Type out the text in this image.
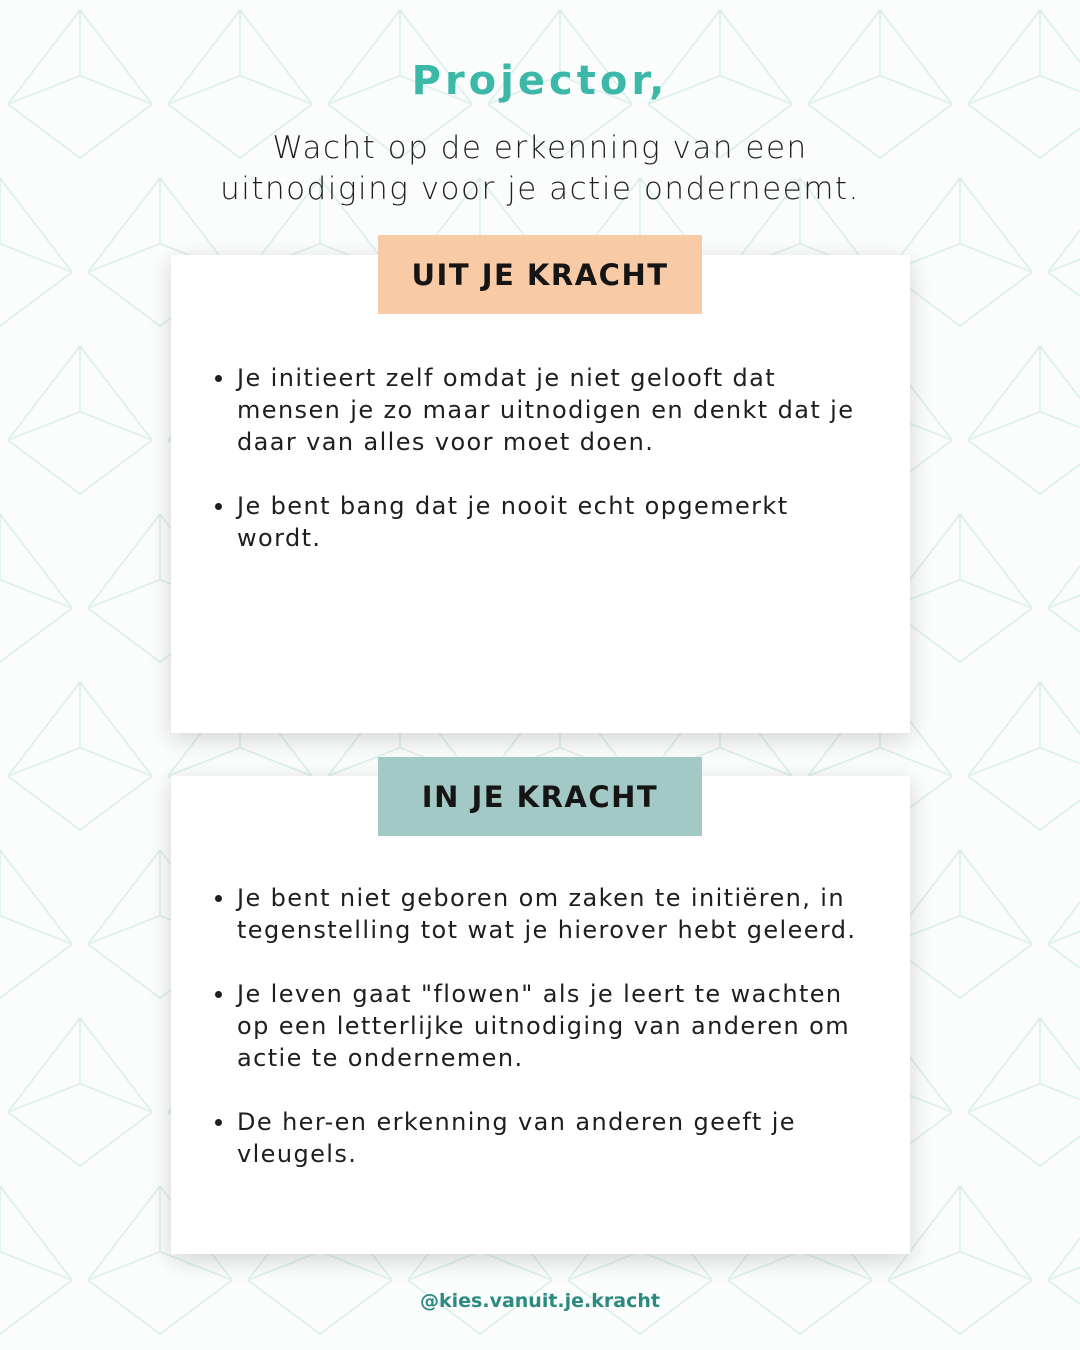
Projector,
Wacht op de erkenning van een
uitnodiging voor je actie onderneemt.
UIT JE KRACHT
Je initieert zelf omdat je niet gelooft dat
mensen je zo maar uitnodigen en denkt dat je
daar van alles voor moet doen.
Je bent bang dat je nooit echt opgemerkt
wordt.
IN JE KRACHT
Je bent niet geboren om zaken te initiëren, in
tegenstelling tot wat je hierover hebt geleerd.
Je leven gaat "flowen" als je leert te wachten
op een letterlijke uitnodiging van anderen om
actie te ondernemen.
De her-en erkenning van anderen geeft je
vleugels.
@kies.vanuit.je.kracht
